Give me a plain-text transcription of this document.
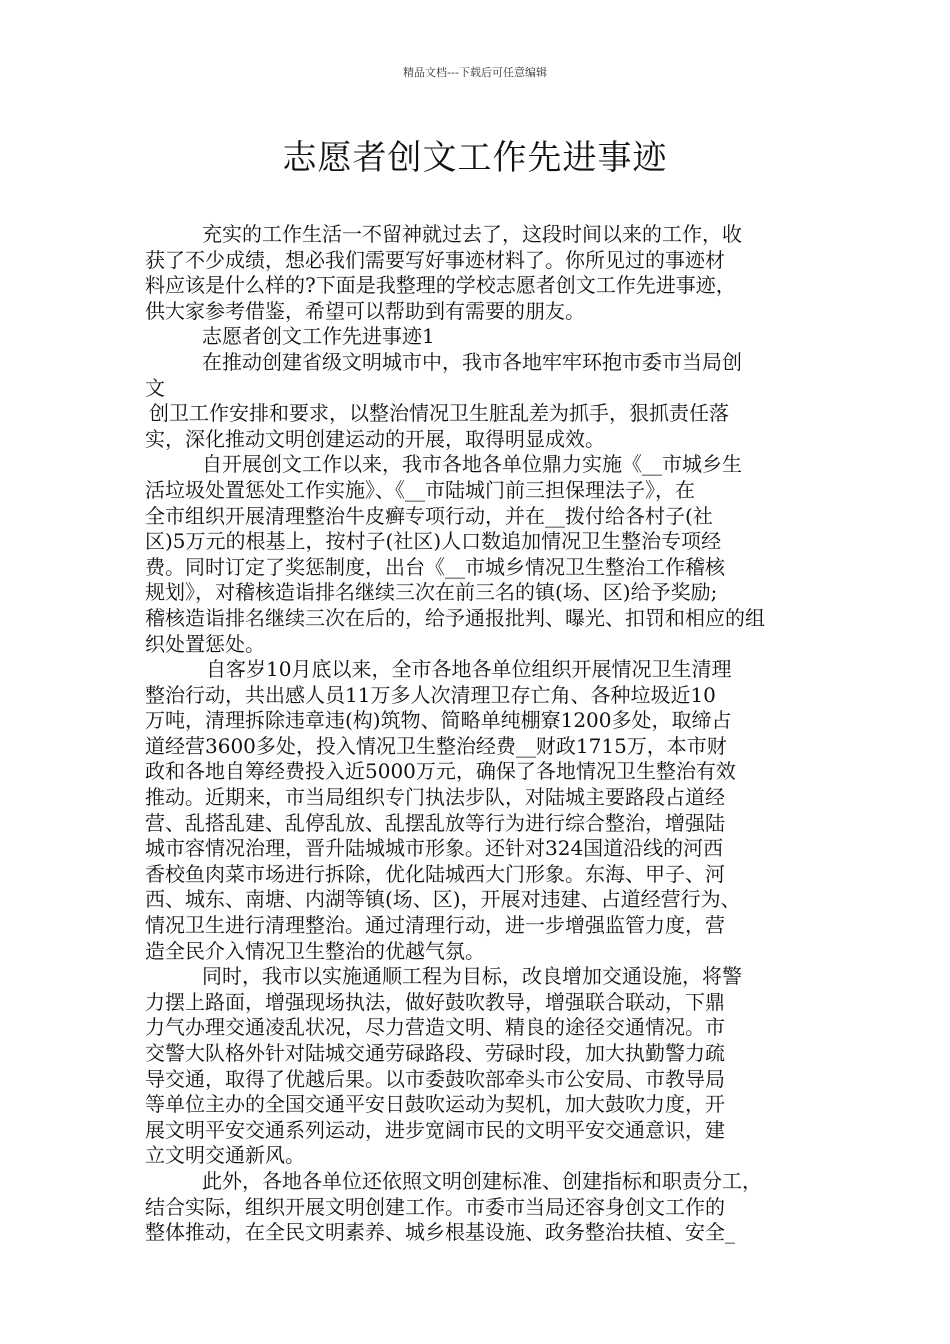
精品文档---下载后可任意编辑
志愿者创文工作先进事迹
充实的工作生活一不留神就过去了，这段时间以来的工作，收
获了不少成绩，想必我们需要写好事迹材料了。你所见过的事迹材
料应该是什么样的?下面是我整理的学校志愿者创文工作先进事迹，
供大家参考借鉴，希望可以帮助到有需要的朋友。
志愿者创文工作先进事迹1
在推动创建省级文明城市中，我市各地牢牢环抱市委市当局创
文
创卫工作安排和要求，以整治情况卫生脏乱差为抓手，狠抓责任落
实，深化推动文明创建运动的开展，取得明显成效。
自开展创文工作以来，我市各地各单位鼎力实施《__市城乡生
活垃圾处置惩处工作实施》、《__市陆城门前三担保理法子》，在
全市组织开展清理整治牛皮癣专项行动，并在__拨付给各村子(社
区)5万元的根基上，按村子(社区)人口数追加情况卫生整治专项经
费。同时订定了奖惩制度，出台《__市城乡情况卫生整治工作稽核
规划》，对稽核造诣排名继续三次在前三名的镇(场、区)给予奖励;
稽核造诣排名继续三次在后的，给予通报批判、曝光、扣罚和相应的组
织处置惩处。
自客岁10月底以来，全市各地各单位组织开展情况卫生清理
整治行动，共出感人员11万多人次清理卫存亡角、各种垃圾近10
万吨，清理拆除违章违(构)筑物、简略单纯棚寮1200多处，取缔占
道经营3600多处，投入情况卫生整治经费__财政1715万，本市财
政和各地自筹经费投入近5000万元，确保了各地情况卫生整治有效
推动。近期来，市当局组织专门执法步队，对陆城主要路段占道经
营、乱搭乱建、乱停乱放、乱摆乱放等行为进行综合整治，增强陆
城市容情况治理，晋升陆城城市形象。还针对324国道沿线的河西
香校鱼肉菜市场进行拆除，优化陆城西大门形象。东海、甲子、河
西、城东、南塘、内湖等镇(场、区)，开展对违建、占道经营行为、
情况卫生进行清理整治。通过清理行动，进一步增强监管力度，营
造全民介入情况卫生整治的优越气氛。
同时，我市以实施通顺工程为目标，改良增加交通设施，将警
力摆上路面，增强现场执法，做好鼓吹教导，增强联合联动，下鼎
力气办理交通凌乱状况，尽力营造文明、精良的途径交通情况。市
交警大队格外针对陆城交通劳碌路段、劳碌时段，加大执勤警力疏
导交通，取得了优越后果。以市委鼓吹部牵头市公安局、市教导局
等单位主办的全国交通平安日鼓吹运动为契机，加大鼓吹力度，开
展文明平安交通系列运动，进步宽阔市民的文明平安交通意识，建
立文明交通新风。
此外，各地各单位还依照文明创建标准、创建指标和职责分工，
结合实际，组织开展文明创建工作。市委市当局还容身创文工作的
整体推动，在全民文明素养、城乡根基设施、政务整治扶植、安全_
